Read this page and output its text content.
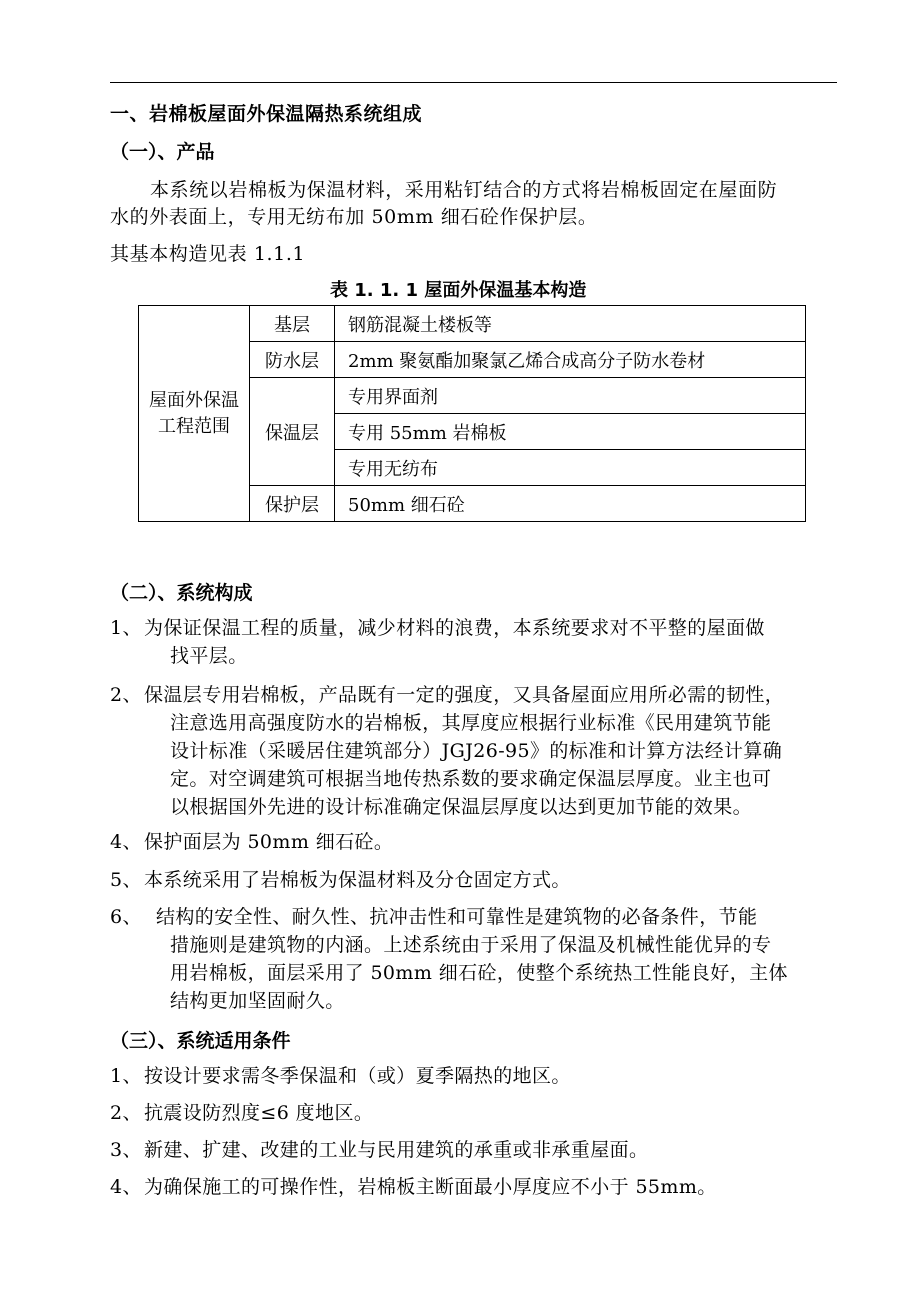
一、岩棉板屋面外保温隔热系统组成
（一）、产品
本系统以岩棉板为保温材料，采用粘钉结合的方式将岩棉板固定在屋面防
水的外表面上，专用无纺布加 50mm 细石砼作保护层。
其基本构造见表 1.1.1
表 1. 1. 1 屋面外保温基本构造
屋面外保温
工程范围	基层	钢筋混凝土楼板等
	防水层	2mm 聚氨酯加聚氯乙烯合成高分子防水卷材
	保温层	专用界面剂
		专用 55mm 岩棉板
		专用无纺布
	保护层	50mm 细石砼
（二）、系统构成
1、 为保证保温工程的质量，减少材料的浪费，本系统要求对不平整的屋面做
找平层。
2、 保温层专用岩棉板，产品既有一定的强度，又具备屋面应用所必需的韧性，
注意选用高强度防水的岩棉板，其厚度应根据行业标准《民用建筑节能
设计标准（采暖居住建筑部分）JGJ26-95》的标准和计算方法经计算确
定。对空调建筑可根据当地传热系数的要求确定保温层厚度。业主也可
以根据国外先进的设计标准确定保温层厚度以达到更加节能的效果。
4、 保护面层为 50mm 细石砼。
5、 本系统采用了岩棉板为保温材料及分仓固定方式。
6、 结构的安全性、耐久性、抗冲击性和可靠性是建筑物的必备条件，节能
措施则是建筑物的内涵。上述系统由于采用了保温及机械性能优异的专
用岩棉板，面层采用了 50mm 细石砼，使整个系统热工性能良好，主体
结构更加坚固耐久。
（三）、系统适用条件
1、 按设计要求需冬季保温和（或）夏季隔热的地区。
2、 抗震设防烈度≤6 度地区。
3、 新建、扩建、改建的工业与民用建筑的承重或非承重屋面。
4、 为确保施工的可操作性，岩棉板主断面最小厚度应不小于 55mm。
